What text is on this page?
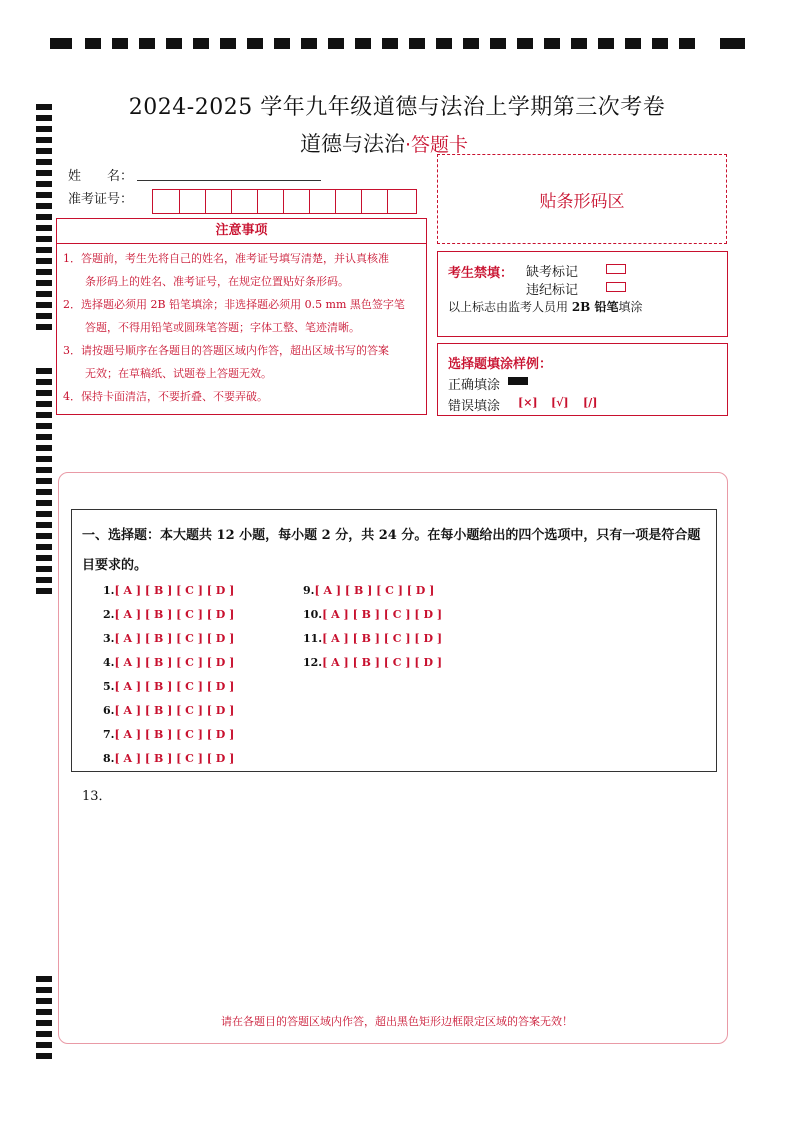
2024-2025 学年九年级道德与法治上学期第三次考卷
道德与法治·答题卡
姓　　名：
准考证号：	贴条形码区
注意事项
1．答题前，考生先将自己的姓名，准考证号填写清楚，并认真核准
　　条形码上的姓名、准考证号，在规定位置贴好条形码。
2．选择题必须用 2B 铅笔填涂；非选择题必须用 0.5 mm 黑色签字笔
　　答题，不得用铅笔或圆珠笔答题；字体工整、笔迹清晰。
3．请按题号顺序在各题目的答题区域内作答，超出区域书写的答案
　　无效；在草稿纸、试题卷上答题无效。
4．保持卡面清洁，不要折叠、不要弄破。
考生禁填： 缺考标记
违纪标记
以上标志由监考人员用 2B 铅笔填涂
选择题填涂样例：
正确填涂
错误填涂 [×] [√] [/]
一、选择题：本大题共 12 小题，每小题 2 分，共 24 分。在每小题给出的四个选项中，只有一项是符合题目要求的。
1.[ A ] [ B ] [ C ] [ D ]
2.[ A ] [ B ] [ C ] [ D ]
3.[ A ] [ B ] [ C ] [ D ]
4.[ A ] [ B ] [ C ] [ D ]
5.[ A ] [ B ] [ C ] [ D ]
6.[ A ] [ B ] [ C ] [ D ]
7.[ A ] [ B ] [ C ] [ D ]
8.[ A ] [ B ] [ C ] [ D ]
9.[ A ] [ B ] [ C ] [ D ]
10.[ A ] [ B ] [ C ] [ D ]
11.[ A ] [ B ] [ C ] [ D ]
12.[ A ] [ B ] [ C ] [ D ]
13．
请在各题目的答题区域内作答，超出黑色矩形边框限定区域的答案无效！
